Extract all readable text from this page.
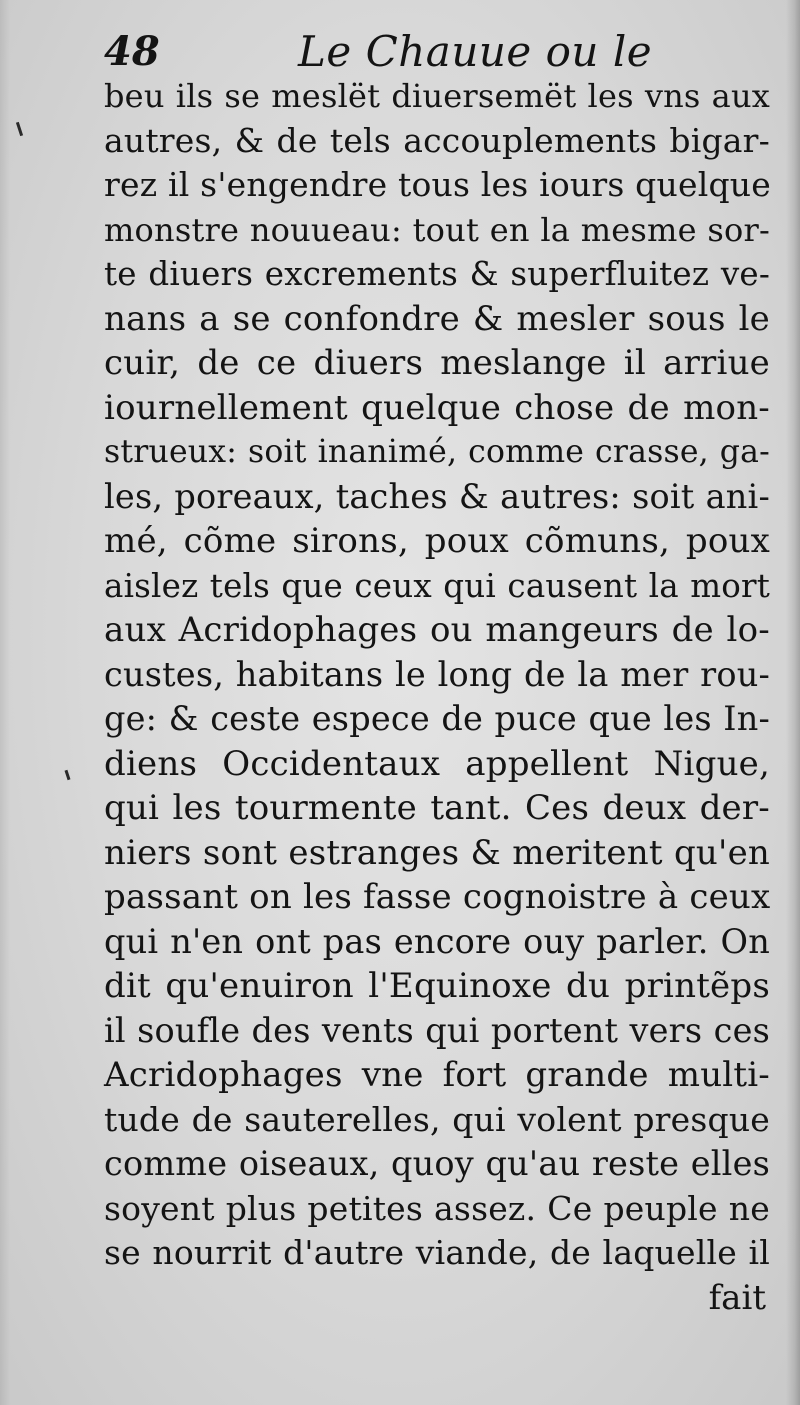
48	Le Chauue ou le
beu ils se meslët diuersemët les vns aux
autres, & de tels accouplements bigar-
rez il s'engendre tous les iours quelque
monstre nouueau: tout en la mesme sor-
te diuers excrements & superfluitez ve-
nans a se confondre & mesler sous le
cuir, de ce diuers meslange il arriue
iournellement quelque chose de mon-
strueux: soit inanimé, comme crasse, ga-
les, poreaux, taches & autres: soit ani-
mé, cõme sirons, poux cõmuns, poux
aislez tels que ceux qui causent la mort
aux Acridophages ou mangeurs de lo-
custes, habitans le long de la mer rou-
ge: & ceste espece de puce que les In-
diens Occidentaux appellent Nigue,
qui les tourmente tant. Ces deux der-
niers sont estranges & meritent qu'en
passant on les fasse cognoistre à ceux
qui n'en ont pas encore ouy parler. On
dit qu'enuiron l'Equinoxe du printẽps
il soufle des vents qui portent vers ces
Acridophages vne fort grande multi-
tude de sauterelles, qui volent presque
comme oiseaux, quoy qu'au reste elles
soyent plus petites assez. Ce peuple ne
se nourrit d'autre viande, de laquelle il
fait
